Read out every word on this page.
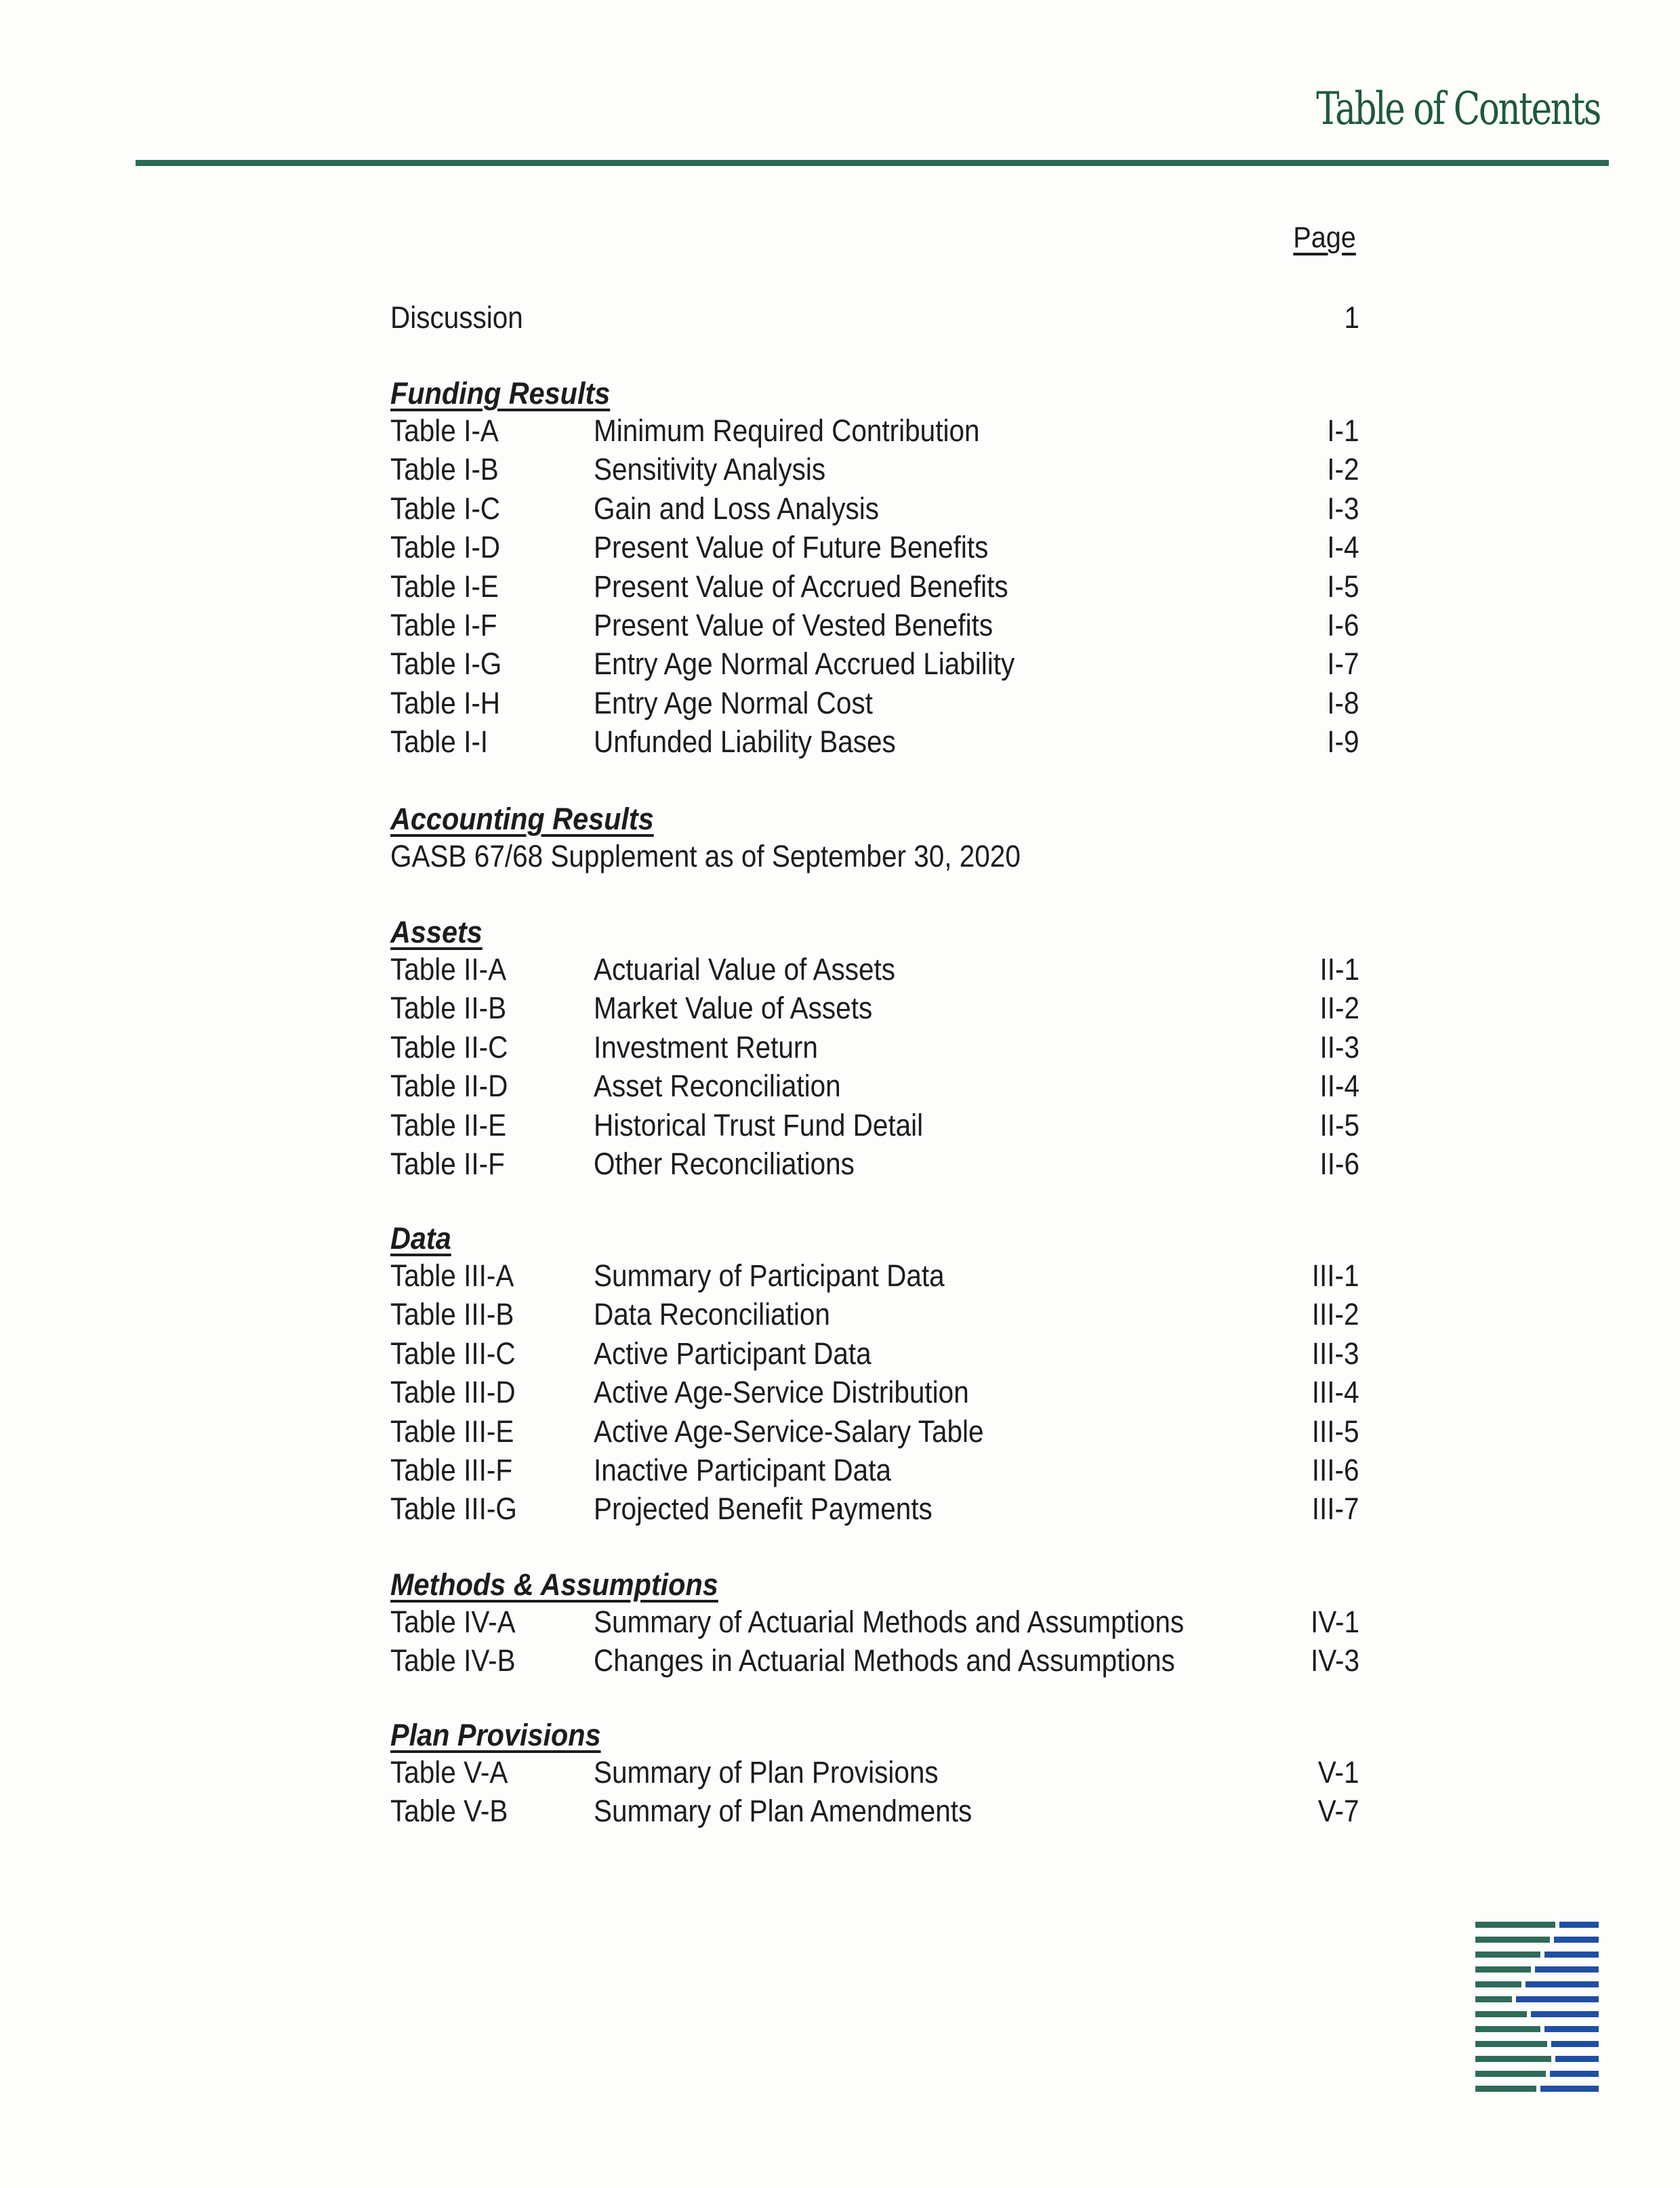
Table of Contents
Page
Discussion	1
Funding Results
Table I-A	Minimum Required Contribution	I-1
Table I-B	Sensitivity Analysis	I-2
Table I-C	Gain and Loss Analysis	I-3
Table I-D	Present Value of Future Benefits	I-4
Table I-E	Present Value of Accrued Benefits	I-5
Table I-F	Present Value of Vested Benefits	I-6
Table I-G	Entry Age Normal Accrued Liability	I-7
Table I-H	Entry Age Normal Cost	I-8
Table I-I	Unfunded Liability Bases	I-9
Accounting Results
GASB 67/68 Supplement as of September 30, 2020
Assets
Table II-A	Actuarial Value of Assets	II-1
Table II-B	Market Value of Assets	II-2
Table II-C	Investment Return	II-3
Table II-D	Asset Reconciliation	II-4
Table II-E	Historical Trust Fund Detail	II-5
Table II-F	Other Reconciliations	II-6
Data
Table III-A	Summary of Participant Data	III-1
Table III-B	Data Reconciliation	III-2
Table III-C	Active Participant Data	III-3
Table III-D	Active Age-Service Distribution	III-4
Table III-E	Active Age-Service-Salary Table	III-5
Table III-F	Inactive Participant Data	III-6
Table III-G	Projected Benefit Payments	III-7
Methods & Assumptions
Table IV-A	Summary of Actuarial Methods and Assumptions	IV-1
Table IV-B	Changes in Actuarial Methods and Assumptions	IV-3
Plan Provisions
Table V-A	Summary of Plan Provisions	V-1
Table V-B	Summary of Plan Amendments	V-7
